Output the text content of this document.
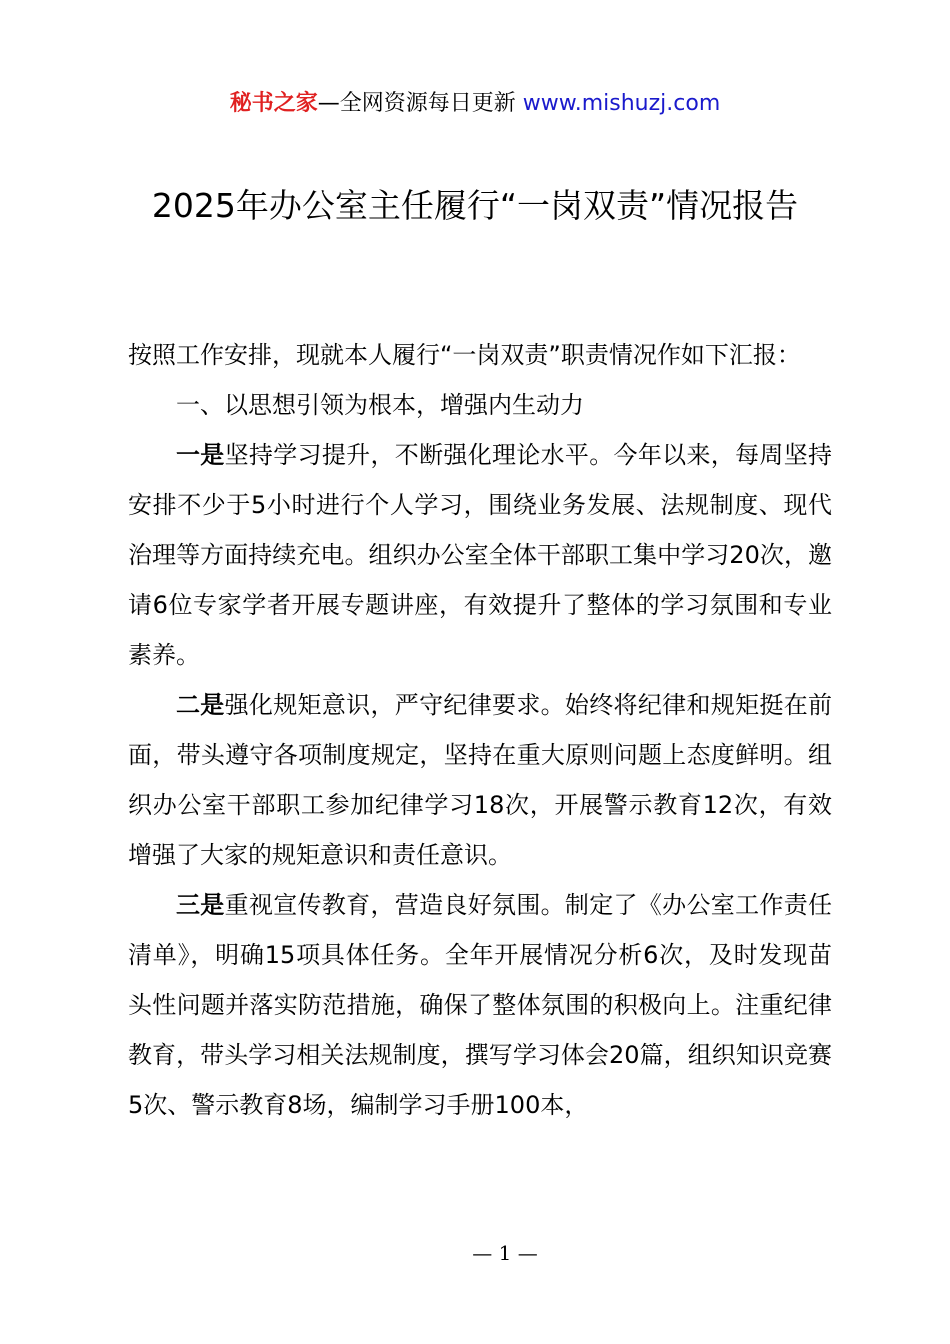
秘书之家—全网资源每日更新 www.mishuzj.com
2025年办公室主任履行“一岗双责”情况报告

按照工作安排，现就本人履行“一岗双责”职责情况作如下汇报：

一、以思想引领为根本，增强内生动力

一是坚持学习提升，不断强化理论水平。今年以来，每周坚持安排不少于5小时进行个人学习，围绕业务发展、法规制度、现代治理等方面持续充电。组织办公室全体干部职工集中学习20次，邀请6位专家学者开展专题讲座，有效提升了整体的学习氛围和专业素养。

二是强化规矩意识，严守纪律要求。始终将纪律和规矩挺在前面，带头遵守各项制度规定，坚持在重大原则问题上态度鲜明。组织办公室干部职工参加纪律学习18次，开展警示教育12次，有效增强了大家的规矩意识和责任意识。

三是重视宣传教育，营造良好氛围。制定了《办公室工作责任清单》，明确15项具体任务。全年开展情况分析6次，及时发现苗头性问题并落实防范措施，确保了整体氛围的积极向上。注重纪律教育，带头学习相关法规制度，撰写学习体会20篇，组织知识竞赛5次、警示教育8场，编制学习手册100本，

— 1 —
